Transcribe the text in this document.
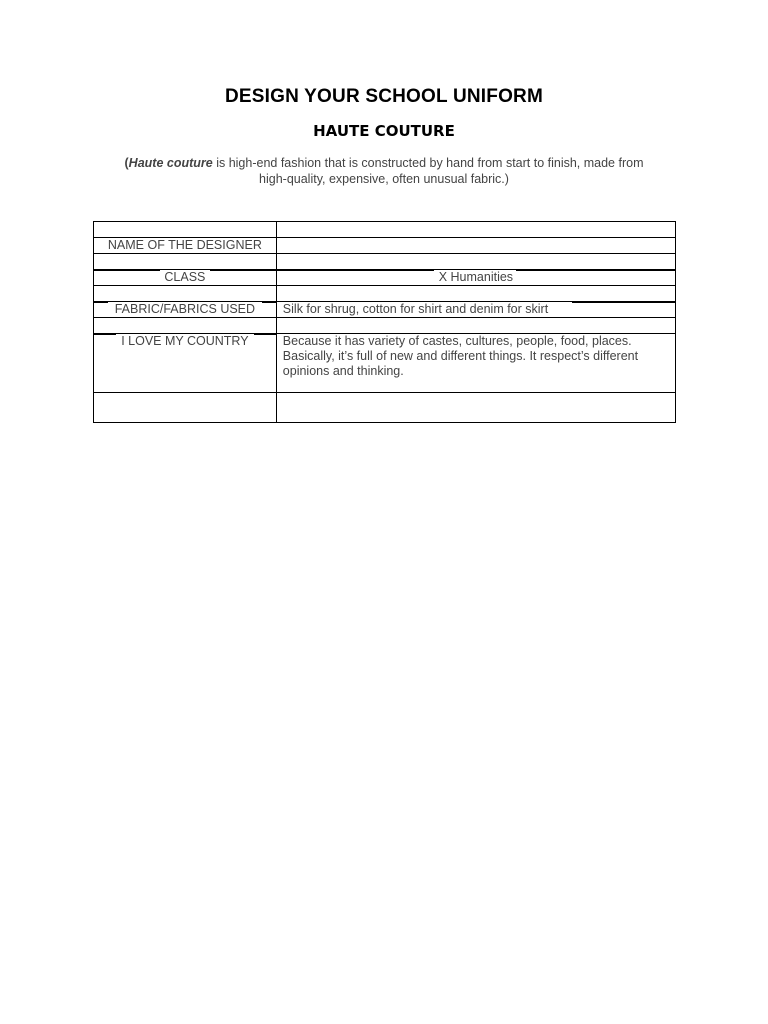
DESIGN YOUR SCHOOL UNIFORM
HAUTE COUTURE
(Haute couture is high-end fashion that is constructed by hand from start to finish, made from
high-quality, expensive, often unusual fabric.)

NAME OF THE DESIGNER	

CLASS	X Humanities

FABRIC/FABRICS USED	Silk for shrug, cotton for shirt and denim for skirt

I LOVE MY COUNTRY	Because it has variety of castes, cultures, people, food, places. Basically, it’s full of new and different things. It respect’s different opinions and thinking.
